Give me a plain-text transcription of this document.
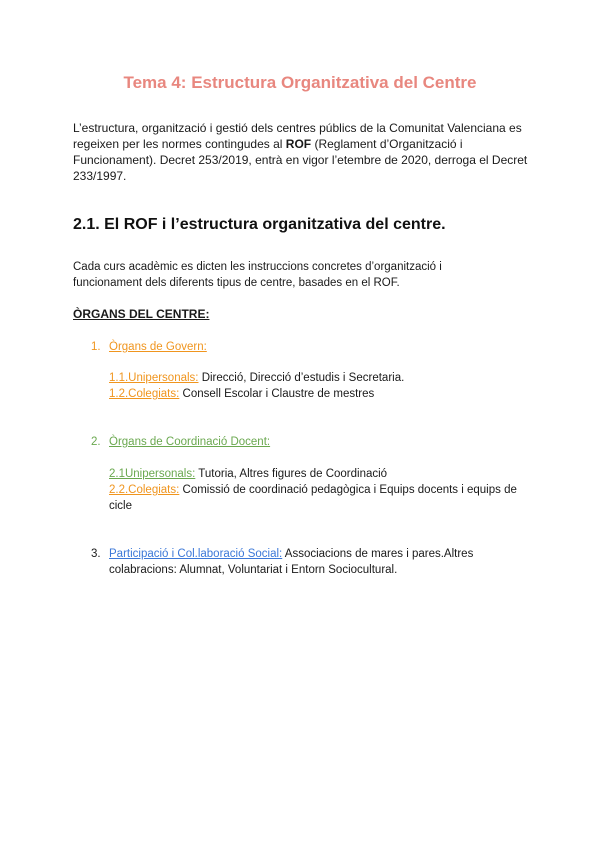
Tema 4: Estructura Organitzativa del Centre

L’estructura, organització i gestió dels centres públics de la Comunitat Valenciana es regeixen per les normes contingudes al ROF (Reglament d’Organització i Funcionament). Decret 253/2019, entrà en vigor l’etembre de 2020, derroga el Decret 233/1997.

2.1. El ROF i l’estructura organitzativa del centre.

Cada curs acadèmic es dicten les instruccions concretes d’organització i funcionament dels diferents tipus de centre, basades en el ROF.

ÒRGANS DEL CENTRE:

1. Òrgans de Govern:
1.1.Unipersonals: Direcció, Direcció d’estudis i Secretaria.
1.2.Colegiats: Consell Escolar i Claustre de mestres
2. Òrgans de Coordinació Docent:
2.1Unipersonals: Tutoria, Altres figures de Coordinació
2.2.Colegiats: Comissió de coordinació pedagògica i Equips docents i equips de cicle
3. Participació i Col.laboració Social: Associacions de mares i pares.Altres colabracions: Alumnat, Voluntariat i Entorn Sociocultural.
